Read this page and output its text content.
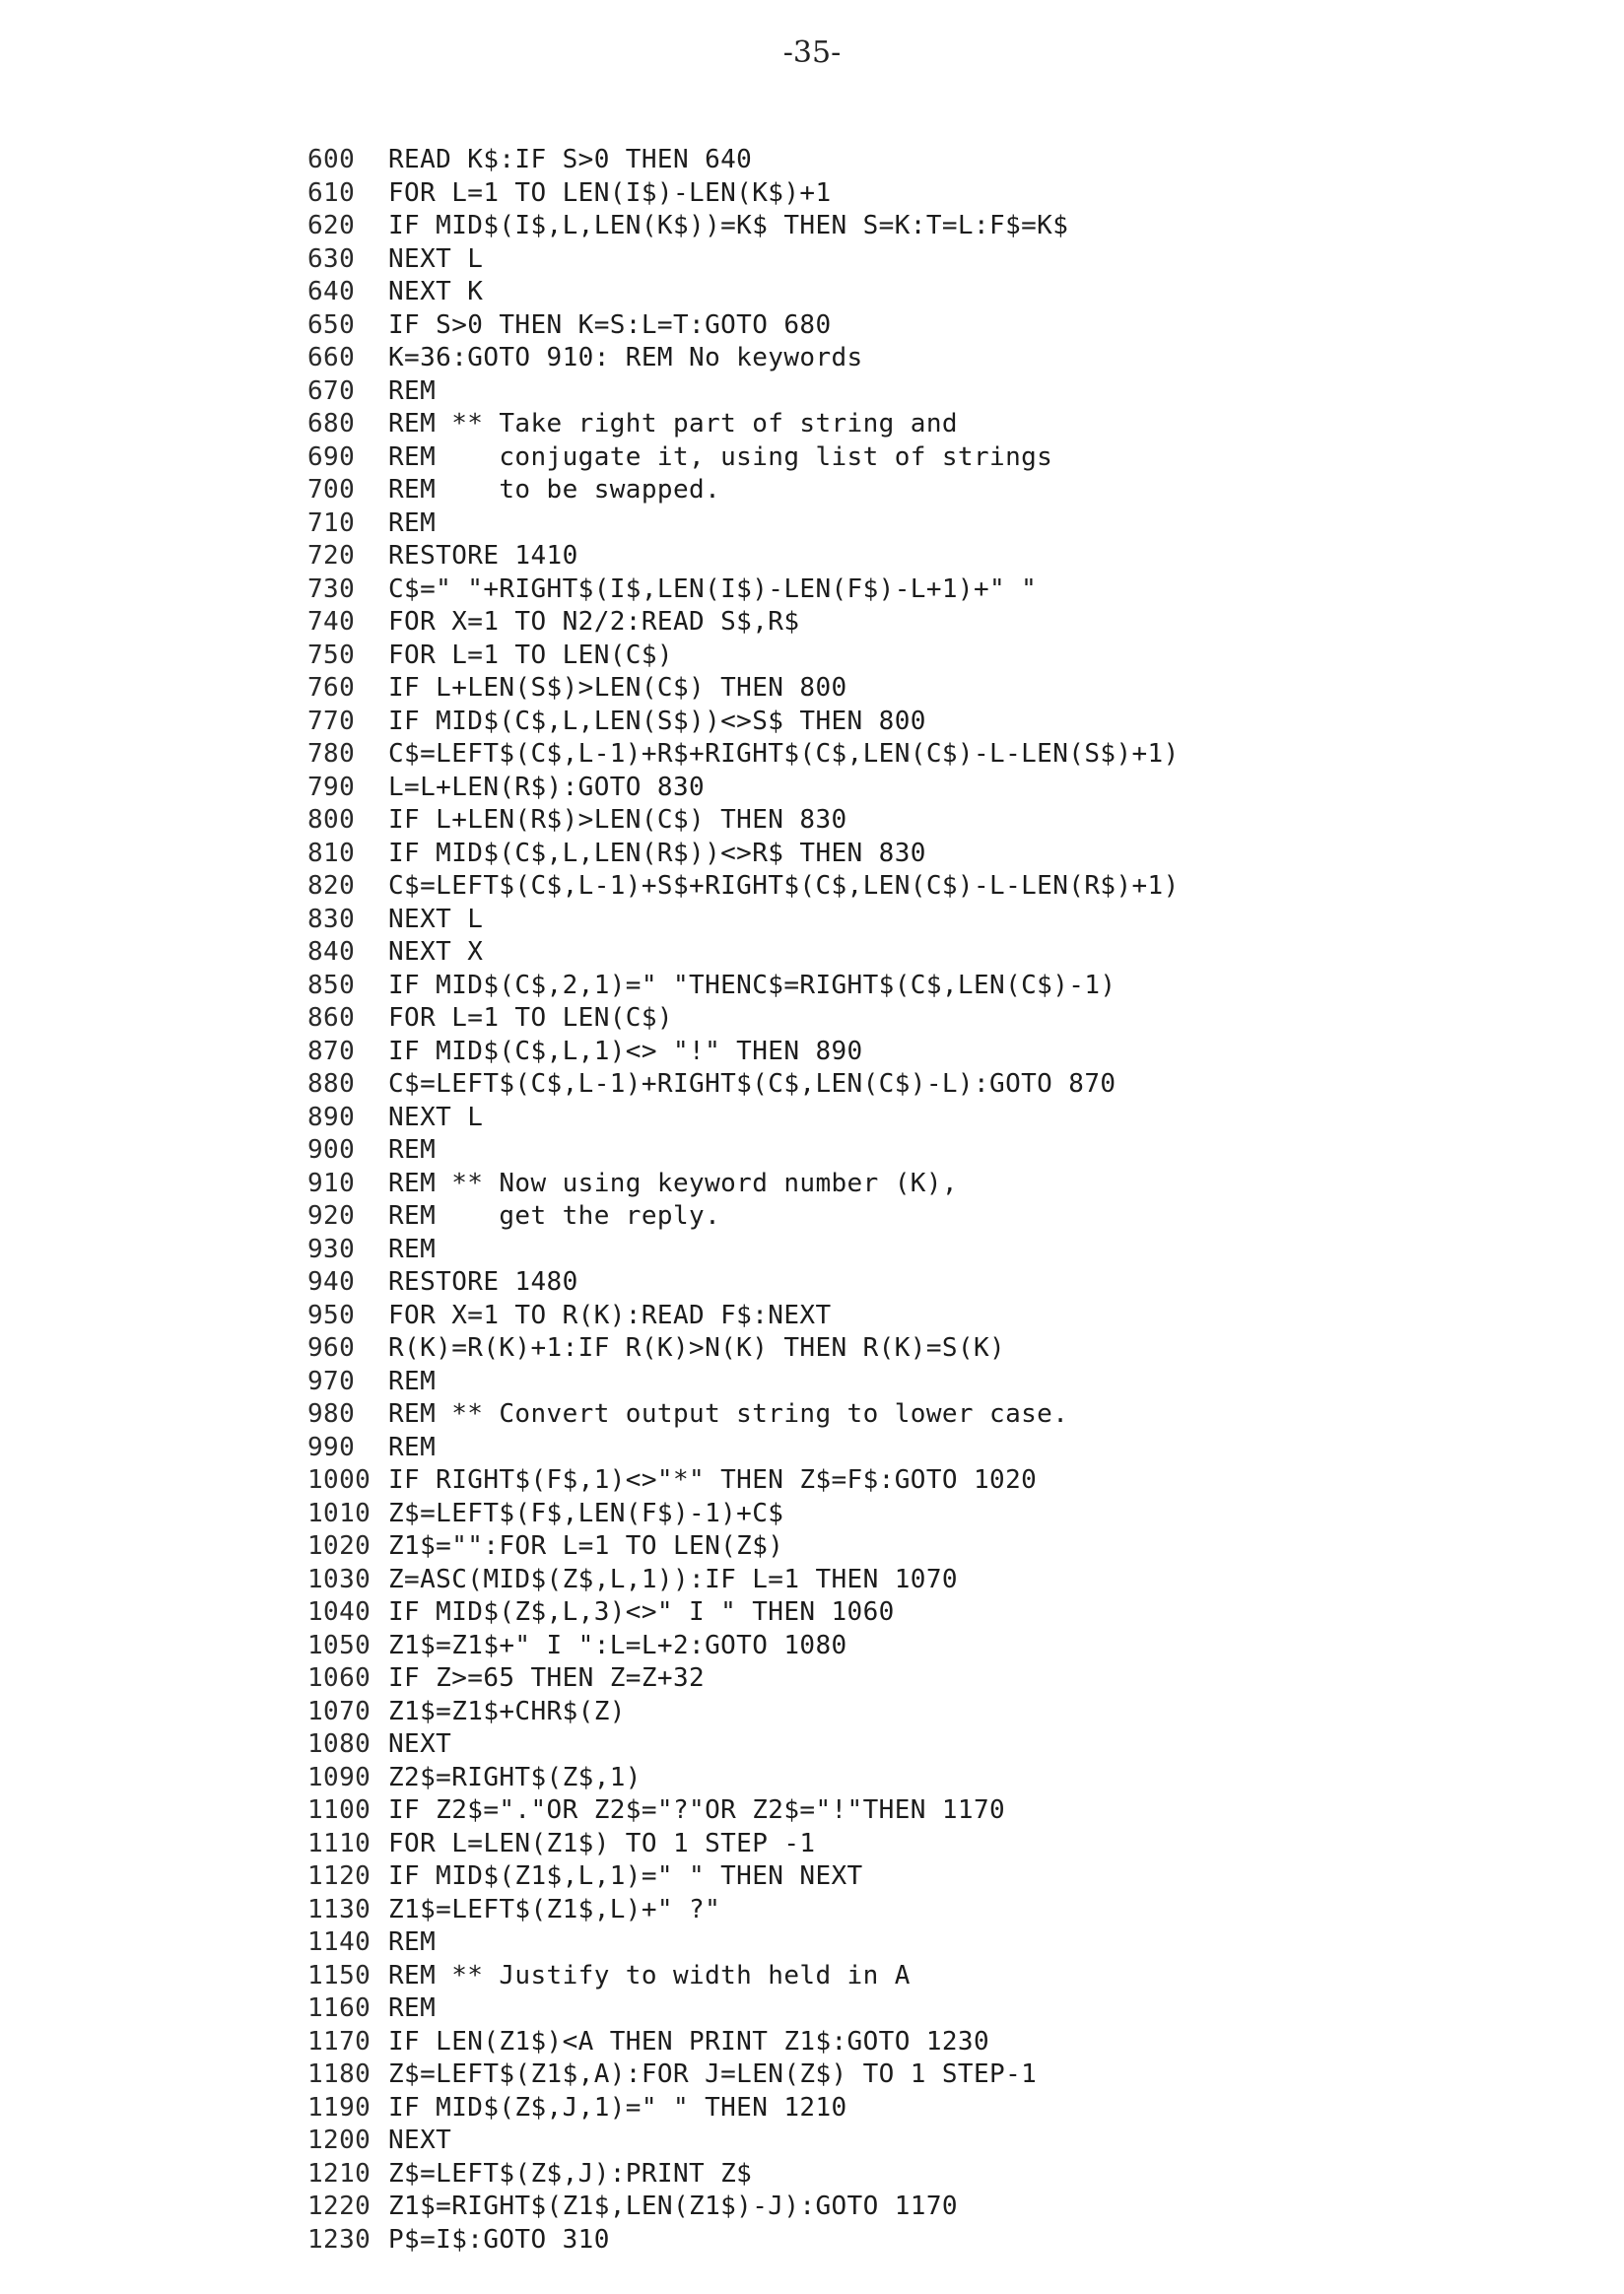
-35-
600 READ K$:IF S>0 THEN 640
610 FOR L=1 TO LEN(I$)-LEN(K$)+1
620 IF MID$(I$,L,LEN(K$))=K$ THEN S=K:T=L:F$=K$
630 NEXT L
640 NEXT K
650 IF S>0 THEN K=S:L=T:GOTO 680
660 K=36:GOTO 910: REM No keywords
670 REM
680 REM ** Take right part of string and
690 REM    conjugate it, using list of strings
700 REM    to be swapped.
710 REM
720 RESTORE 1410
730 C$=" "+RIGHT$(I$,LEN(I$)-LEN(F$)-L+1)+" "
740 FOR X=1 TO N2/2:READ S$,R$
750 FOR L=1 TO LEN(C$)
760 IF L+LEN(S$)>LEN(C$) THEN 800
770 IF MID$(C$,L,LEN(S$))<>S$ THEN 800
780 C$=LEFT$(C$,L-1)+R$+RIGHT$(C$,LEN(C$)-L-LEN(S$)+1)
790 L=L+LEN(R$):GOTO 830
800 IF L+LEN(R$)>LEN(C$) THEN 830
810 IF MID$(C$,L,LEN(R$))<>R$ THEN 830
820 C$=LEFT$(C$,L-1)+S$+RIGHT$(C$,LEN(C$)-L-LEN(R$)+1)
830 NEXT L
840 NEXT X
850 IF MID$(C$,2,1)=" "THENC$=RIGHT$(C$,LEN(C$)-1)
860 FOR L=1 TO LEN(C$)
870 IF MID$(C$,L,1)<> "!" THEN 890
880 C$=LEFT$(C$,L-1)+RIGHT$(C$,LEN(C$)-L):GOTO 870
890 NEXT L
900 REM
910 REM ** Now using keyword number (K),
920 REM    get the reply.
930 REM
940 RESTORE 1480
950 FOR X=1 TO R(K):READ F$:NEXT
960 R(K)=R(K)+1:IF R(K)>N(K) THEN R(K)=S(K)
970 REM
980 REM ** Convert output string to lower case.
990 REM
1000 IF RIGHT$(F$,1)<>"*" THEN Z$=F$:GOTO 1020
1010 Z$=LEFT$(F$,LEN(F$)-1)+C$
1020 Z1$="":FOR L=1 TO LEN(Z$)
1030 Z=ASC(MID$(Z$,L,1)):IF L=1 THEN 1070
1040 IF MID$(Z$,L,3)<>" I " THEN 1060
1050 Z1$=Z1$+" I ":L=L+2:GOTO 1080
1060 IF Z>=65 THEN Z=Z+32
1070 Z1$=Z1$+CHR$(Z)
1080 NEXT
1090 Z2$=RIGHT$(Z$,1)
1100 IF Z2$="."OR Z2$="?"OR Z2$="!"THEN 1170
1110 FOR L=LEN(Z1$) TO 1 STEP -1
1120 IF MID$(Z1$,L,1)=" " THEN NEXT
1130 Z1$=LEFT$(Z1$,L)+" ?"
1140 REM
1150 REM ** Justify to width held in A
1160 REM
1170 IF LEN(Z1$)<A THEN PRINT Z1$:GOTO 1230
1180 Z$=LEFT$(Z1$,A):FOR J=LEN(Z$) TO 1 STEP-1
1190 IF MID$(Z$,J,1)=" " THEN 1210
1200 NEXT
1210 Z$=LEFT$(Z$,J):PRINT Z$
1220 Z1$=RIGHT$(Z1$,LEN(Z1$)-J):GOTO 1170
1230 P$=I$:GOTO 310
